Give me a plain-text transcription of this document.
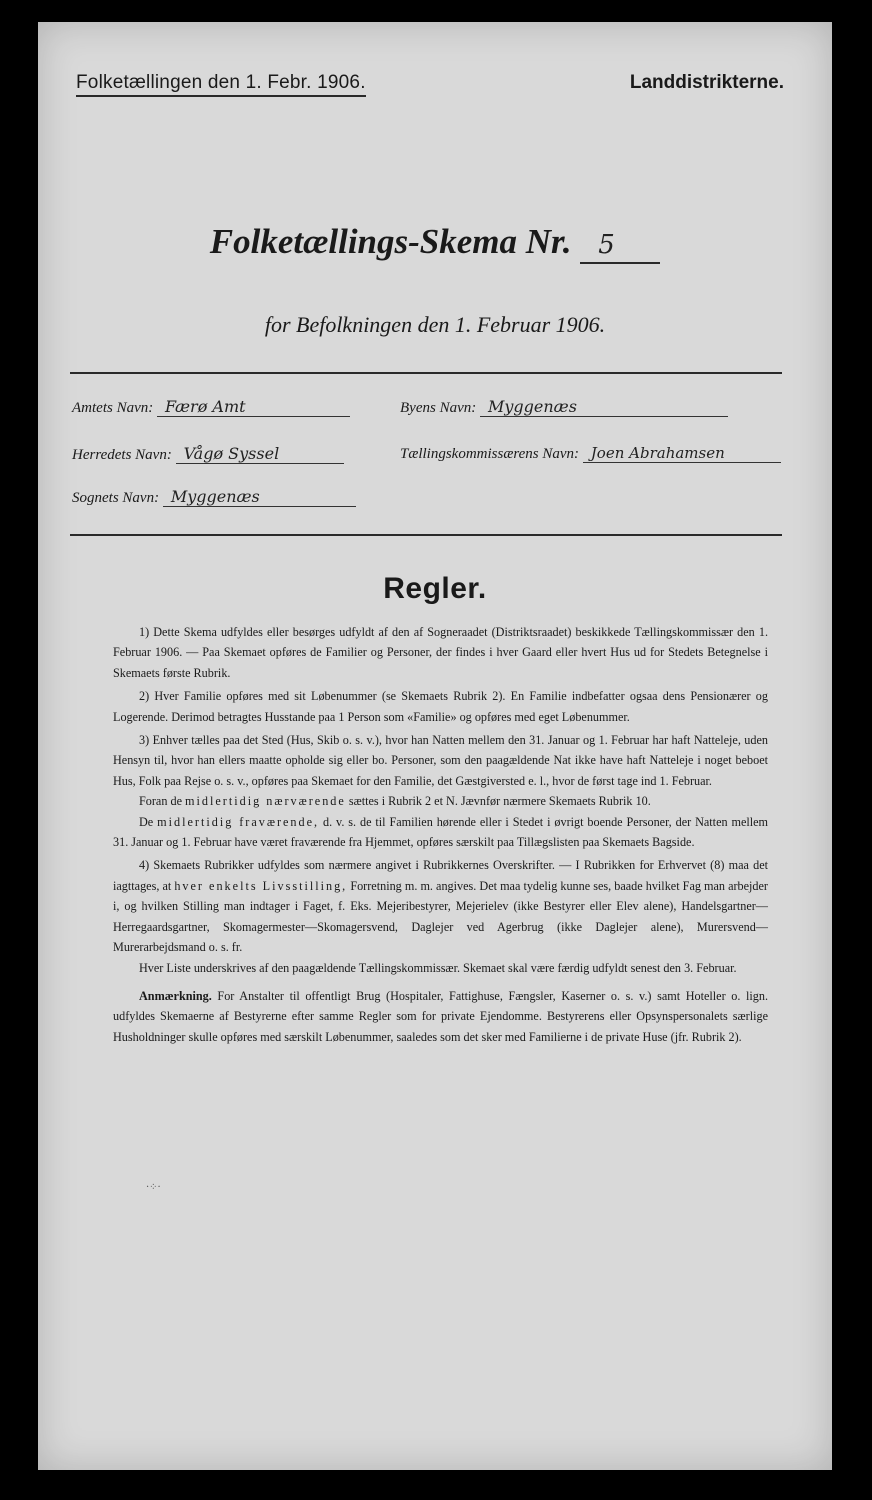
Folketællingen den 1. Febr. 1906.	Landdistrikterne.
Folketællings-Skema Nr. 5
for Befolkningen den 1. Februar 1906.
Amtets Navn: Færø Amt
Herredets Navn: Vågø Syssel
Sognets Navn: Myggenæs
Byens Navn: Myggenæs
Tællingskommissærens Navn: Joen Abrahamsen
Regler.

1) Dette Skema udfyldes eller besørges udfyldt af den af Sogneraadet (Distriktsraadet) beskikkede Tællingskommissær den 1. Februar 1906. — Paa Skemaet opføres de Familier og Personer, der findes i hver Gaard eller hvert Hus ud for Stedets Betegnelse i Skemaets første Rubrik.

2) Hver Familie opføres med sit Løbenummer (se Skemaets Rubrik 2). En Familie indbefatter ogsaa dens Pensionærer og Logerende. Derimod betragtes Husstande paa 1 Person som «Familie» og opføres med eget Løbenummer.

3) Enhver tælles paa det Sted (Hus, Skib o. s. v.), hvor han Natten mellem den 31. Januar og 1. Februar har haft Natteleje, uden Hensyn til, hvor han ellers maatte opholde sig eller bo. Personer, som den paagældende Nat ikke have haft Natteleje i noget beboet Hus, Folk paa Rejse o. s. v., opføres paa Skemaet for den Familie, det Gæstgiversted e. l., hvor de først tage ind 1. Februar.

Foran de midlertidig nærværende sættes i Rubrik 2 et N. Jævnfør nærmere Skemaets Rubrik 10.

De midlertidig fraværende, d. v. s. de til Familien hørende eller i Stedet i øvrigt boende Personer, der Natten mellem 31. Januar og 1. Februar have været fraværende fra Hjemmet, opføres særskilt paa Tillægslisten paa Skemaets Bagside.

4) Skemaets Rubrikker udfyldes som nærmere angivet i Rubrikkernes Overskrifter. — I Rubrikken for Erhvervet (8) maa det iagttages, at hver enkelts Livsstilling, Forretning m. m. angives. Det maa tydelig kunne ses, baade hvilket Fag man arbejder i, og hvilken Stilling man indtager i Faget, f. Eks. Mejeribestyrer, Mejerielev (ikke Bestyrer eller Elev alene), Handelsgartner—Herregaardsgartner, Skomagermester—Skomagersvend, Daglejer ved Agerbrug (ikke Daglejer alene), Murersvend—Murerarbejdsmand o. s. fr.

Hver Liste underskrives af den paagældende Tællingskommissær. Skemaet skal være færdig udfyldt senest den 3. Februar.

Anmærkning. For Anstalter til offentligt Brug (Hospitaler, Fattighuse, Fængsler, Kaserner o. s. v.) samt Hoteller o. lign. udfyldes Skemaerne af Bestyrerne efter samme Regler som for private Ejendomme. Bestyrerens eller Opsynspersonalets særlige Husholdninger skulle opføres med særskilt Løbenummer, saaledes som det sker med Familierne i de private Huse (jfr. Rubrik 2).

·⁘·
